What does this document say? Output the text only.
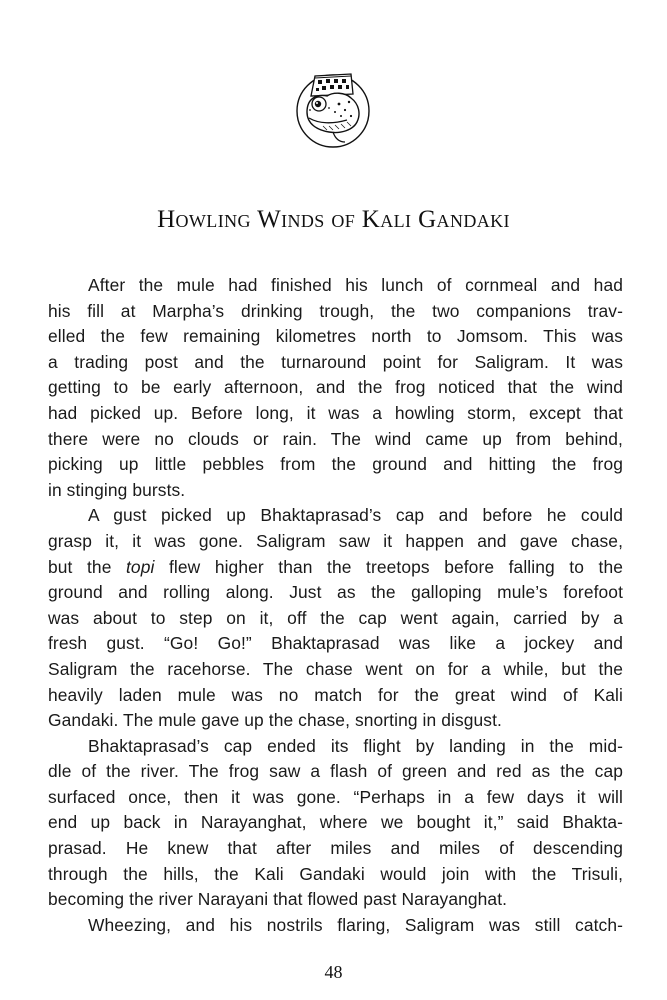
Howling Winds of Kali Gandaki
After the mule had finished his lunch of cornmeal and had
his fill at Marpha’s drinking trough, the two companions trav-
elled the few remaining kilometres north to Jomsom. This was
a trading post and the turnaround point for Saligram. It was
getting to be early afternoon, and the frog noticed that the wind
had picked up. Before long, it was a howling storm, except that
there were no clouds or rain. The wind came up from behind,
picking up little pebbles from the ground and hitting the frog
in stinging bursts.
A gust picked up Bhaktaprasad’s cap and before he could
grasp it, it was gone. Saligram saw it happen and gave chase,
but the topi flew higher than the treetops before falling to the
ground and rolling along. Just as the galloping mule’s forefoot
was about to step on it, off the cap went again, carried by a
fresh gust. “Go! Go!” Bhaktaprasad was like a jockey and
Saligram the racehorse. The chase went on for a while, but the
heavily laden mule was no match for the great wind of Kali
Gandaki. The mule gave up the chase, snorting in disgust.
Bhaktaprasad’s cap ended its flight by landing in the mid-
dle of the river. The frog saw a flash of green and red as the cap
surfaced once, then it was gone. “Perhaps in a few days it will
end up back in Narayanghat, where we bought it,” said Bhakta-
prasad. He knew that after miles and miles of descending
through the hills, the Kali Gandaki would join with the Trisuli,
becoming the river Narayani that flowed past Narayanghat.
Wheezing, and his nostrils flaring, Saligram was still catch-
48
